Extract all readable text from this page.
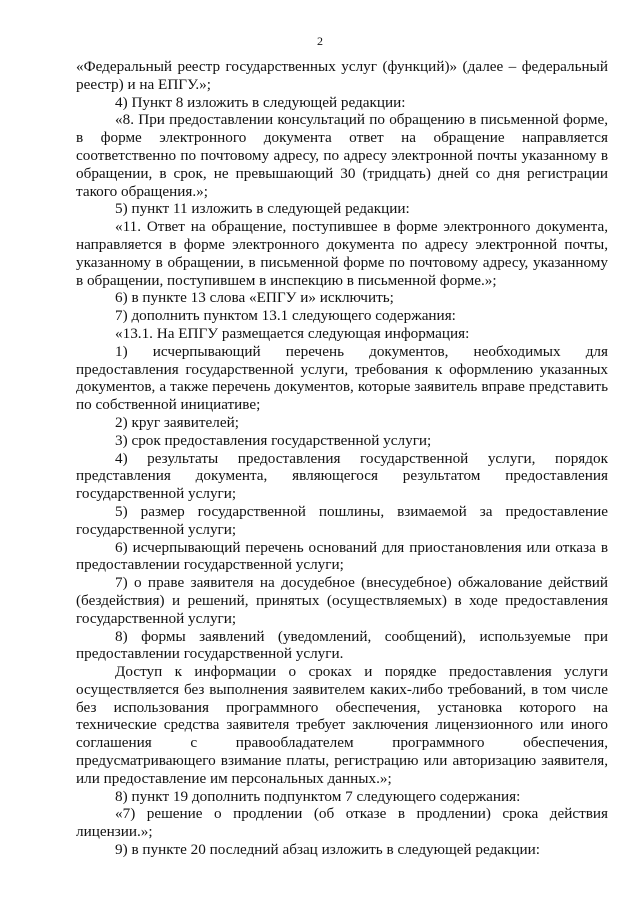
2

«Федеральный реестр государственных услуг (функций)» (далее – федеральный реестр) и на ЕПГУ.»;

4) Пункт 8 изложить в следующей редакции:

«8. При предоставлении консультаций по обращению в письменной форме, в форме электронного документа ответ на обращение направляется соответственно по почтовому адресу, по адресу электронной почты указанному в обращении, в срок, не превышающий 30 (тридцать) дней со дня регистрации такого обращения.»;

5) пункт 11 изложить в следующей редакции:

«11. Ответ на обращение, поступившее в форме электронного документа, направляется в форме электронного документа по адресу электронной почты, указанному в обращении, в письменной форме по почтовому адресу, указанному в обращении, поступившем в инспекцию в письменной форме.»;

6) в пункте 13 слова «ЕПГУ и» исключить;

7) дополнить пунктом 13.1 следующего содержания:

«13.1. На ЕПГУ размещается следующая информация:

1) исчерпывающий перечень документов, необходимых для предоставления государственной услуги, требования к оформлению указанных документов, а также перечень документов, которые заявитель вправе представить по собственной инициативе;

2) круг заявителей;

3) срок предоставления государственной услуги;

4) результаты предоставления государственной услуги, порядок представления документа, являющегося результатом предоставления государственной услуги;

5) размер государственной пошлины, взимаемой за предоставление государственной услуги;

6) исчерпывающий перечень оснований для приостановления или отказа в предоставлении государственной услуги;

7) о праве заявителя на досудебное (внесудебное) обжалование действий (бездействия) и решений, принятых (осуществляемых) в ходе предоставления государственной услуги;

8) формы заявлений (уведомлений, сообщений), используемые при предоставлении государственной услуги.

Доступ к информации о сроках и порядке предоставления услуги осуществляется без выполнения заявителем каких-либо требований, в том числе без использования программного обеспечения, установка которого на технические средства заявителя требует заключения лицензионного или иного соглашения с правообладателем программного обеспечения, предусматривающего взимание платы, регистрацию или авторизацию заявителя, или предоставление им персональных данных.»;

8) пункт 19 дополнить подпунктом 7 следующего содержания:

«7) решение о продлении (об отказе в продлении) срока действия лицензии.»;

9) в пункте 20 последний абзац изложить в следующей редакции:
